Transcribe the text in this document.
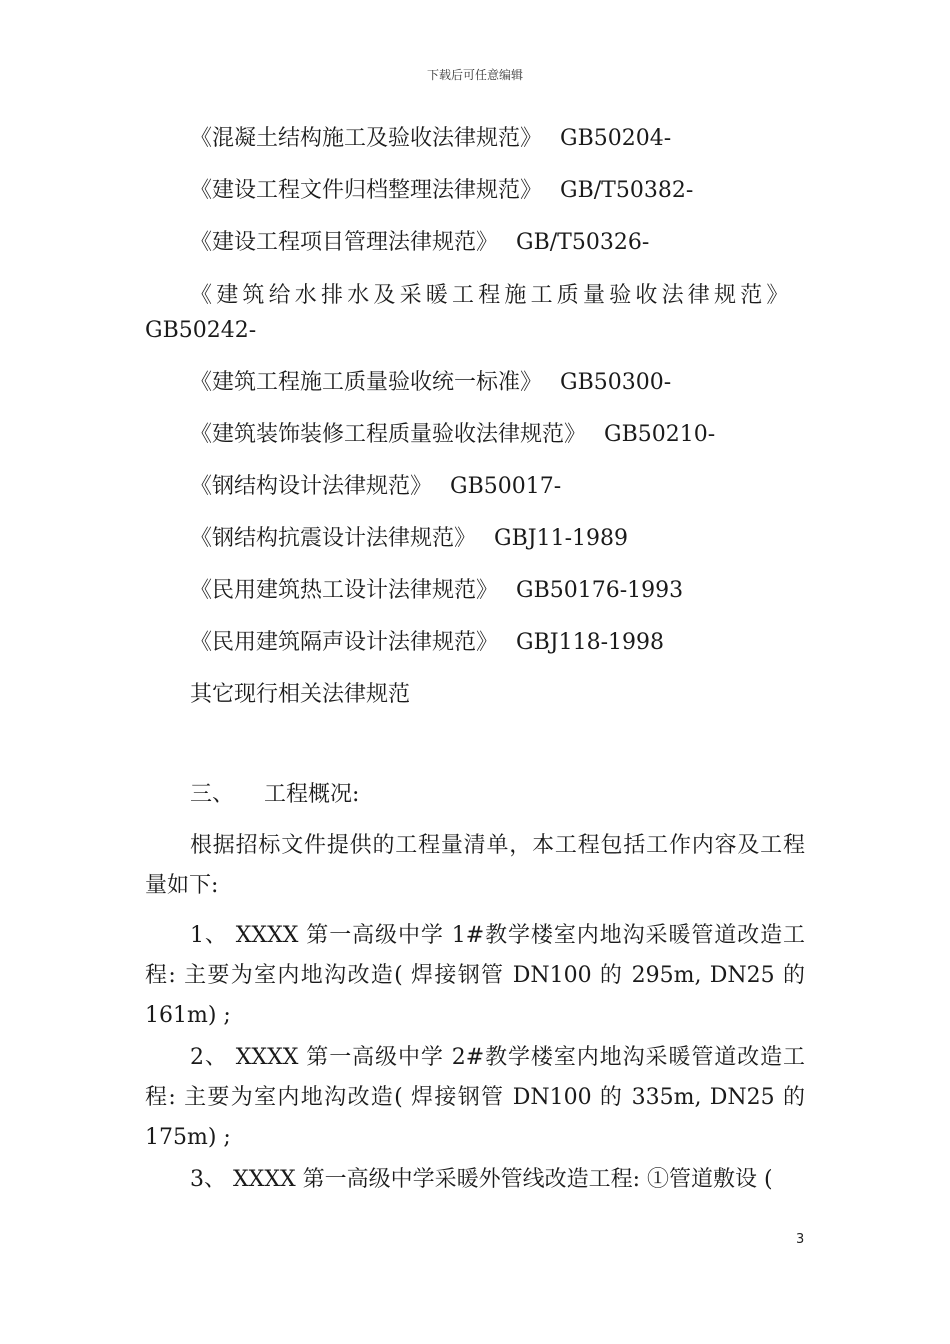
下载后可任意编辑
《混凝土结构施工及验收法律规范》 GB50204-
《建设工程文件归档整理法律规范》 GB/T50382-
《建设工程项目管理法律规范》 GB/T50326-
《建筑给水排水及采暖工程施工质量验收法律规范》
GB50242-
《建筑工程施工质量验收统一标准》 GB50300-
《建筑装饰装修工程质量验收法律规范》 GB50210-
《钢结构设计法律规范》 GB50017-
《钢结构抗震设计法律规范》 GBJ11-1989
《民用建筑热工设计法律规范》 GB50176-1993
《民用建筑隔声设计法律规范》 GBJ118-1998
其它现行相关法律规范
三、 工程概况:
根据招标文件提供的工程量清单，本工程包括工作内容及工程量如下:
1、 XXXX 第一高级中学 1#教学楼室内地沟采暖管道改造工程: 主要为室内地沟改造( 焊接钢管 DN100 的 295m, DN25 的 161m) ;
2、 XXXX 第一高级中学 2#教学楼室内地沟采暖管道改造工程: 主要为室内地沟改造( 焊接钢管 DN100 的 335m, DN25 的 175m) ;
3、 XXXX 第一高级中学采暖外管线改造工程: ①管道敷设 (
3
